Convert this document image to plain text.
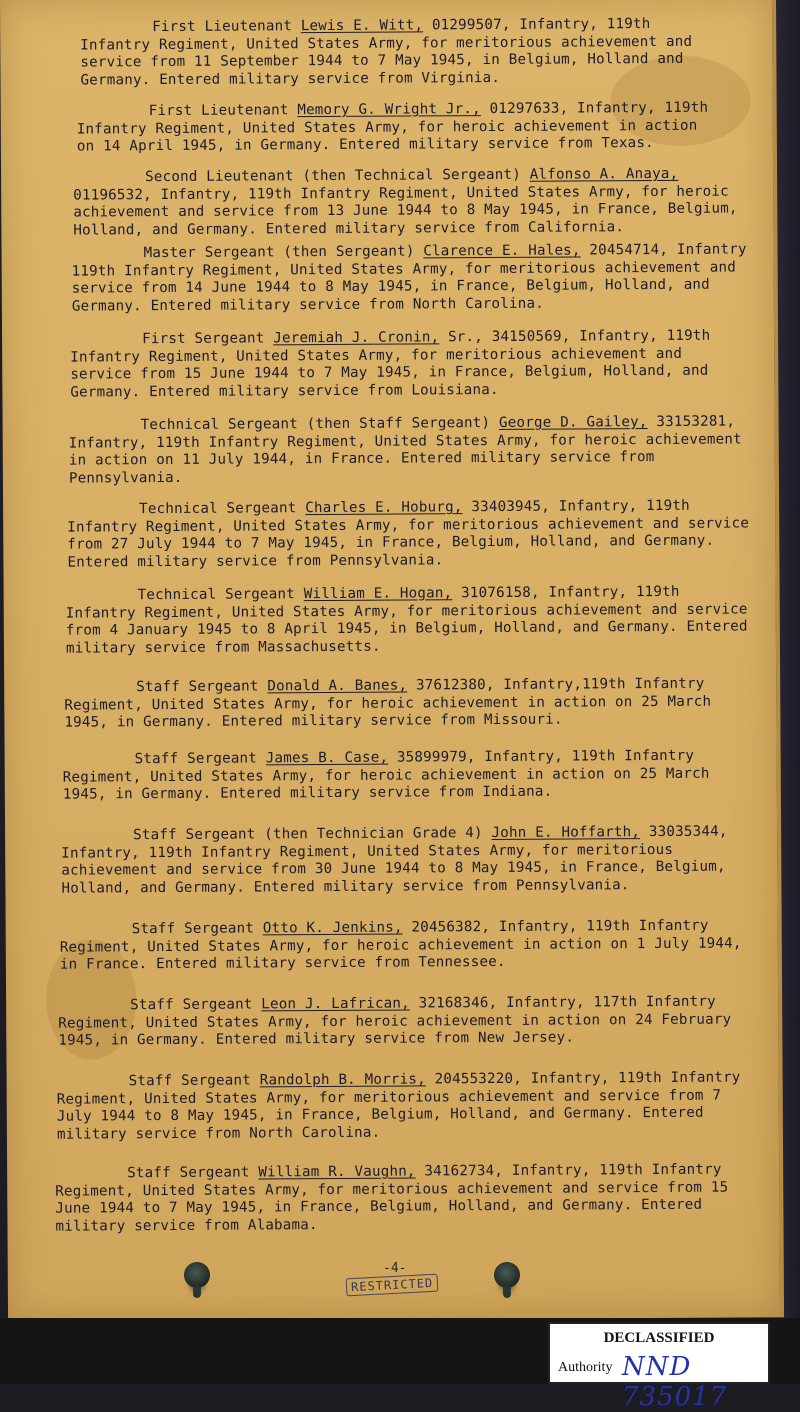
First Lieutenant Lewis E. Witt, 01299507, Infantry, 119th Infantry Regiment, United States Army, for meritorious achievement and service from 11 September 1944 to 7 May 1945, in Belgium, Holland and Germany. Entered military service from Virginia.

First Lieutenant Memory G. Wright Jr., 01297633, Infantry, 119th Infantry Regiment, United States Army, for heroic achievement in action on 14 April 1945, in Germany. Entered military service from Texas.

Second Lieutenant (then Technical Sergeant) Alfonso A. Anaya, 01196532, Infantry, 119th Infantry Regiment, United States Army, for heroic achievement and service from 13 June 1944 to 8 May 1945, in France, Belgium, Holland, and Germany. Entered military service from California.

Master Sergeant (then Sergeant) Clarence E. Hales, 20454714, Infantry 119th Infantry Regiment, United States Army, for meritorious achievement and service from 14 June 1944 to 8 May 1945, in France, Belgium, Holland, and Germany. Entered military service from North Carolina.

First Sergeant Jeremiah J. Cronin, Sr., 34150569, Infantry, 119th Infantry Regiment, United States Army, for meritorious achievement and service from 15 June 1944 to 7 May 1945, in France, Belgium, Holland, and Germany. Entered military service from Louisiana.

Technical Sergeant (then Staff Sergeant) George D. Gailey, 33153281, Infantry, 119th Infantry Regiment, United States Army, for heroic achievement in action on 11 July 1944, in France. Entered military service from Pennsylvania.

Technical Sergeant Charles E. Hoburg, 33403945, Infantry, 119th Infantry Regiment, United States Army, for meritorious achievement and service from 27 July 1944 to 7 May 1945, in France, Belgium, Holland, and Germany. Entered military service from Pennsylvania.

Technical Sergeant William E. Hogan, 31076158, Infantry, 119th Infantry Regiment, United States Army, for meritorious achievement and service from 4 January 1945 to 8 April 1945, in Belgium, Holland, and Germany. Entered military service from Massachusetts.

Staff Sergeant Donald A. Banes, 37612380, Infantry,119th Infantry Regiment, United States Army, for heroic achievement in action on 25 March 1945, in Germany. Entered military service from Missouri.

Staff Sergeant James B. Case, 35899979, Infantry, 119th Infantry Regiment, United States Army, for heroic achievement in action on 25 March 1945, in Germany. Entered military service from Indiana.

Staff Sergeant (then Technician Grade 4) John E. Hoffarth, 33035344, Infantry, 119th Infantry Regiment, United States Army, for meritorious achievement and service from 30 June 1944 to 8 May 1945, in France, Belgium, Holland, and Germany. Entered military service from Pennsylvania.

Staff Sergeant Otto K. Jenkins, 20456382, Infantry, 119th Infantry Regiment, United States Army, for heroic achievement in action on 1 July 1944, in France. Entered military service from Tennessee.

Staff Sergeant Leon J. Lafrican, 32168346, Infantry, 117th Infantry Regiment, United States Army, for heroic achievement in action on 24 February 1945, in Germany. Entered military service from New Jersey.

Staff Sergeant Randolph B. Morris, 204553220, Infantry, 119th Infantry Regiment, United States Army, for meritorious achievement and service from 7 July 1944 to 8 May 1945, in France, Belgium, Holland, and Germany. Entered military service from North Carolina.

Staff Sergeant William R. Vaughn, 34162734, Infantry, 119th Infantry Regiment, United States Army, for meritorious achievement and service from 15 June 1944 to 7 May 1945, in France, Belgium, Holland, and Germany. Entered military service from Alabama.

-4-
RESTRICTED
DECLASSIFIED
Authority NND 735017
